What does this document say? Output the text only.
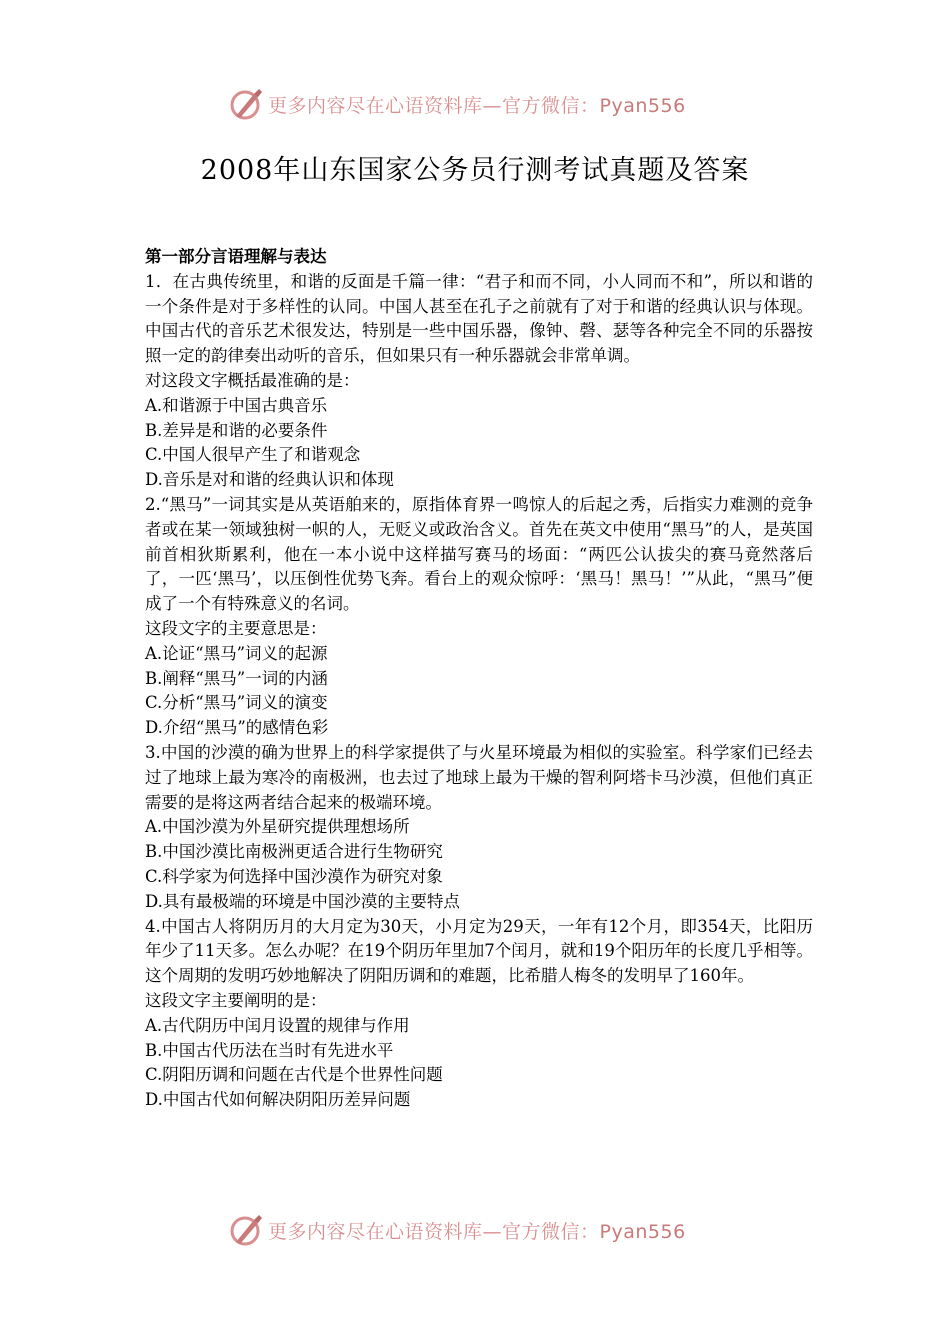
更多内容尽在心语资料库—官方微信：Pyan556
2008年山东国家公务员行测考试真题及答案
第一部分言语理解与表达

1．在古典传统里，和谐的反面是千篇一律：“君子和而不同，小人同而不和”，所以和谐的一个条件是对于多样性的认同。中国人甚至在孔子之前就有了对于和谐的经典认识与体现。中国古代的音乐艺术很发达，特别是一些中国乐器，像钟、磬、瑟等各种完全不同的乐器按照一定的韵律奏出动听的音乐，但如果只有一种乐器就会非常单调。

对这段文字概括最准确的是：

A.和谐源于中国古典音乐

B.差异是和谐的必要条件

C.中国人很早产生了和谐观念

D.音乐是对和谐的经典认识和体现

2.“黑马”一词其实是从英语舶来的，原指体育界一鸣惊人的后起之秀，后指实力难测的竞争者或在某一领域独树一帜的人，无贬义或政治含义。首先在英文中使用“黑马”的人，是英国前首相狄斯累利，他在一本小说中这样描写赛马的场面：“两匹公认拔尖的赛马竟然落后了，一匹‘黑马’，以压倒性优势飞奔。看台上的观众惊呼：‘黑马！黑马！’”从此，“黑马”便成了一个有特殊意义的名词。

这段文字的主要意思是：

A.论证“黑马”词义的起源

B.阐释“黑马”一词的内涵

C.分析“黑马”词义的演变

D.介绍“黑马”的感情色彩

3.中国的沙漠的确为世界上的科学家提供了与火星环境最为相似的实验室。科学家们已经去过了地球上最为寒冷的南极洲，也去过了地球上最为干燥的智利阿塔卡马沙漠，但他们真正需要的是将这两者结合起来的极端环境。

A.中国沙漠为外星研究提供理想场所

B.中国沙漠比南极洲更适合进行生物研究

C.科学家为何选择中国沙漠作为研究对象

D.具有最极端的环境是中国沙漠的主要特点

4.中国古人将阴历月的大月定为30天，小月定为29天，一年有12个月，即354天，比阳历年少了11天多。怎么办呢？在19个阴历年里加7个闰月，就和19个阳历年的长度几乎相等。这个周期的发明巧妙地解决了阴阳历调和的难题，比希腊人梅冬的发明早了160年。

这段文字主要阐明的是：

A.古代阴历中闰月设置的规律与作用

B.中国古代历法在当时有先进水平

C.阴阳历调和问题在古代是个世界性问题

D.中国古代如何解决阴阳历差异问题

更多内容尽在心语资料库—官方微信：Pyan556
